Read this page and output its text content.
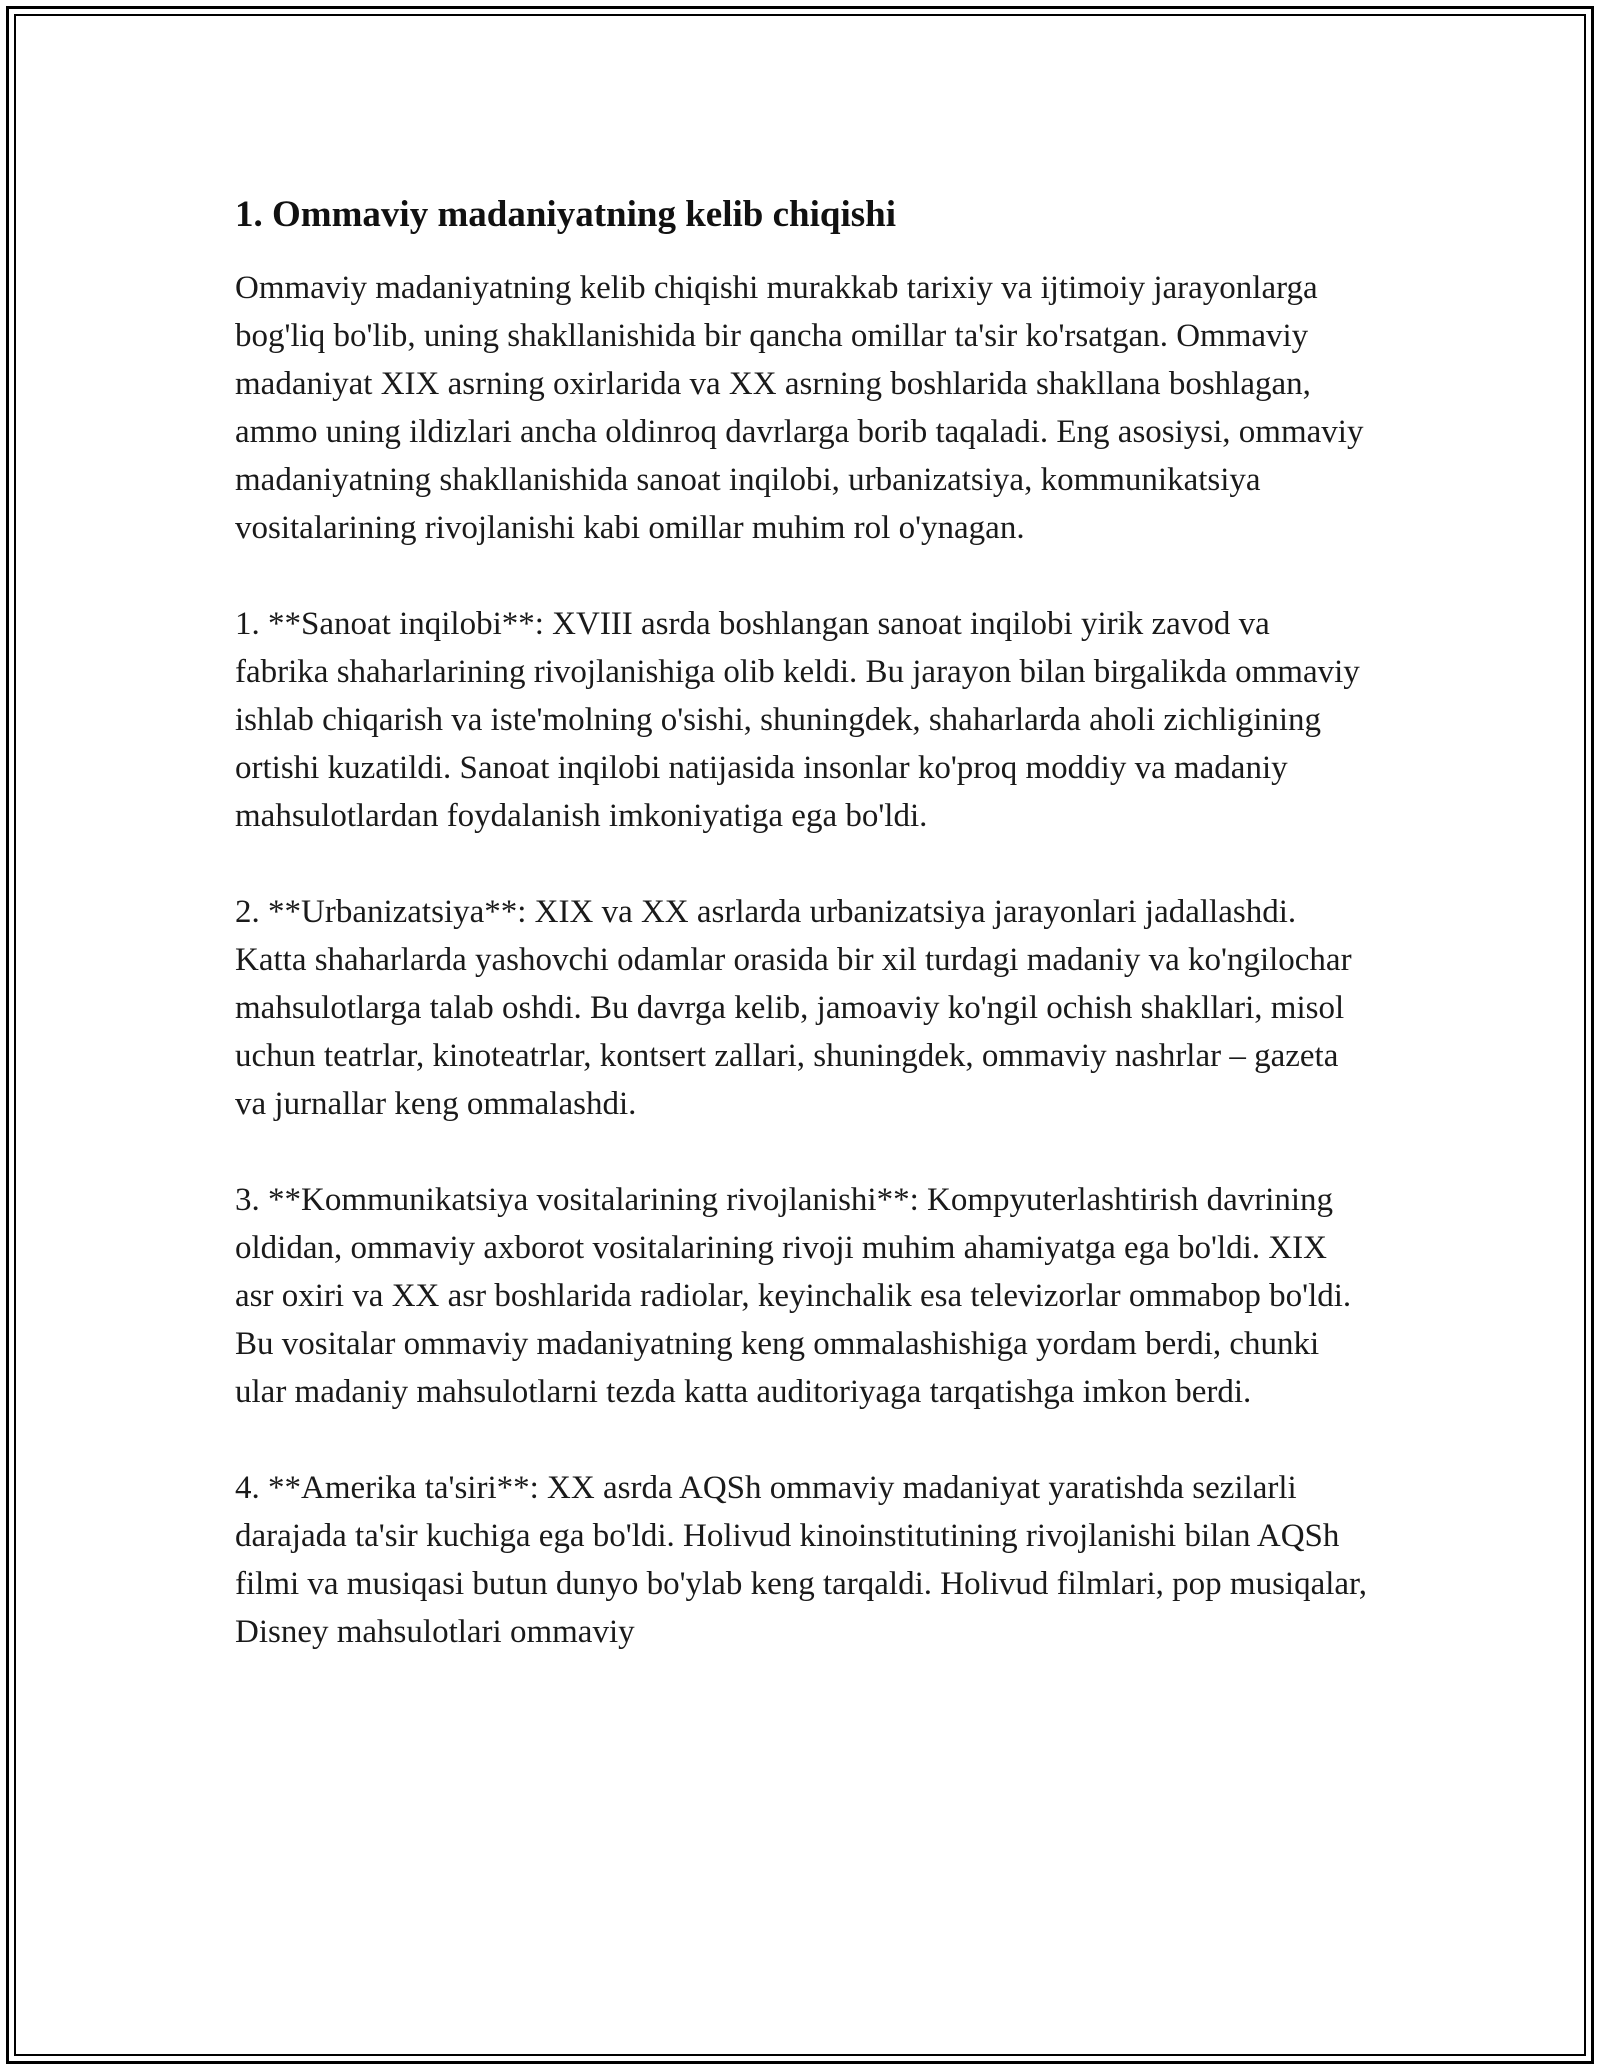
1. Ommaviy madaniyatning kelib chiqishi

Ommaviy madaniyatning kelib chiqishi murakkab tarixiy va ijtimoiy jarayonlarga bog'liq bo'lib, uning shakllanishida bir qancha omillar ta'sir ko'rsatgan. Ommaviy madaniyat XIX asrning oxirlarida va XX asrning boshlarida shakllana boshlagan, ammo uning ildizlari ancha oldinroq davrlarga borib taqaladi. Eng asosiysi, ommaviy madaniyatning shakllanishida sanoat inqilobi, urbanizatsiya, kommunikatsiya vositalarining rivojlanishi kabi omillar muhim rol o'ynagan.

1. **Sanoat inqilobi**: XVIII asrda boshlangan sanoat inqilobi yirik zavod va fabrika shaharlarining rivojlanishiga olib keldi. Bu jarayon bilan birgalikda ommaviy ishlab chiqarish va iste'molning o'sishi, shuningdek, shaharlarda aholi zichligining ortishi kuzatildi. Sanoat inqilobi natijasida insonlar ko'proq moddiy va madaniy mahsulotlardan foydalanish imkoniyatiga ega bo'ldi.

2. **Urbanizatsiya**: XIX va XX asrlarda urbanizatsiya jarayonlari jadallashdi. Katta shaharlarda yashovchi odamlar orasida bir xil turdagi madaniy va ko'ngilochar mahsulotlarga talab oshdi. Bu davrga kelib, jamoaviy ko'ngil ochish shakllari, misol uchun teatrlar, kinoteatrlar, kontsert zallari, shuningdek, ommaviy nashrlar – gazeta va jurnallar keng ommalashdi.

3. **Kommunikatsiya vositalarining rivojlanishi**: Kompyuterlashtirish davrining oldidan, ommaviy axborot vositalarining rivoji muhim ahamiyatga ega bo'ldi. XIX asr oxiri va XX asr boshlarida radiolar, keyinchalik esa televizorlar ommabop bo'ldi. Bu vositalar ommaviy madaniyatning keng ommalashishiga yordam berdi, chunki ular madaniy mahsulotlarni tezda katta auditoriyaga tarqatishga imkon berdi.

4. **Amerika ta'siri**: XX asrda AQSh ommaviy madaniyat yaratishda sezilarli darajada ta'sir kuchiga ega bo'ldi. Holivud kinoinstitutining rivojlanishi bilan AQSh filmi va musiqasi butun dunyo bo'ylab keng tarqaldi. Holivud filmlari, pop musiqalar, Disney mahsulotlari ommaviy
